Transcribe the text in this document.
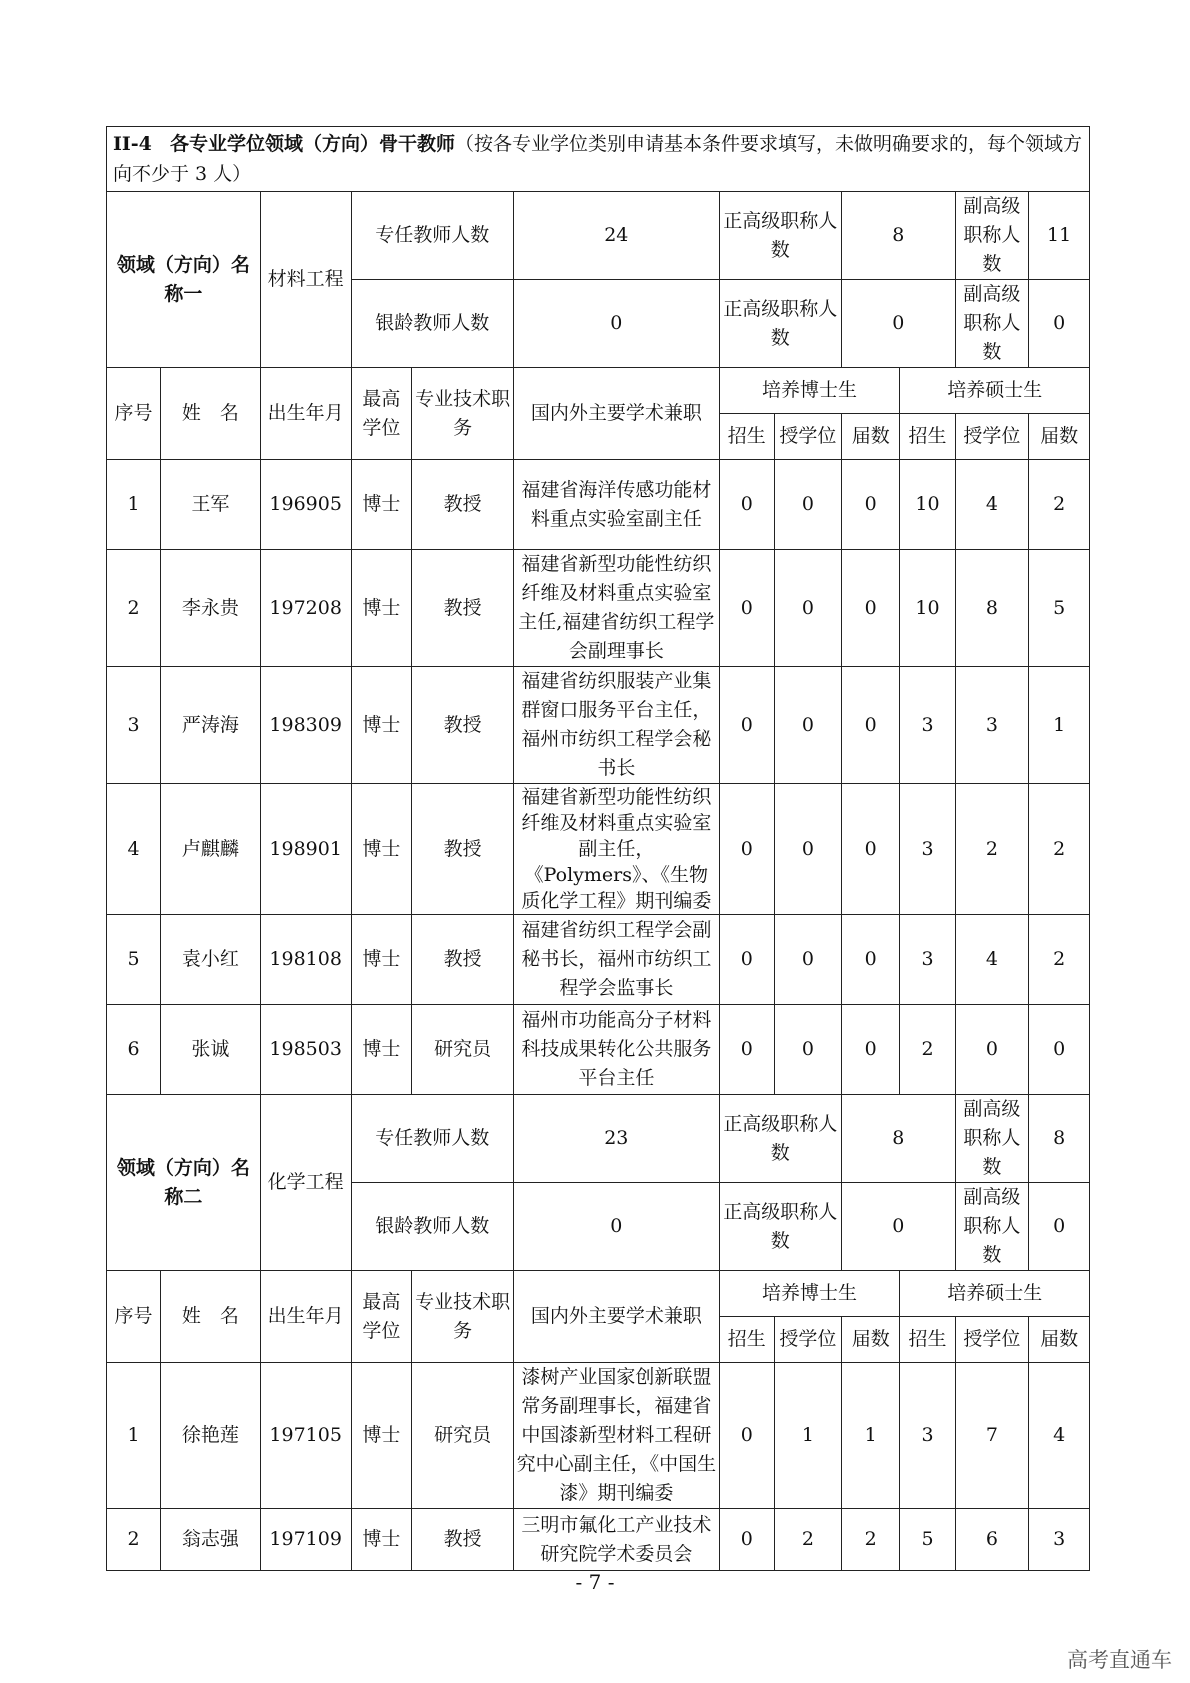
II-4 各专业学位领域（方向）骨干教师（按各专业学位类别申请基本条件要求填写，未做明确要求的，每个领域方向不少于 3 人）											
领域（方向）名称一		材料工程	专任教师人数		24	正高级职称人数		8		副高级职称人数	11
			银龄教师人数		0	正高级职称人数		0		副高级职称人数	0
序号	姓　名	出生年月	最高学位	专业技术职　务	国内外主要学术兼职	培养博士生			培养硕士生		
						招生	授学位	届数	招生	授学位	届数
1	王军	196905	博士	教授	福建省海洋传感功能材料重点实验室副主任	0	0	0	10	4	2
2	李永贵	197208	博士	教授	福建省新型功能性纺织纤维及材料重点实验室主任,福建省纺织工程学会副理事长	0	0	0	10	8	5
3	严涛海	198309	博士	教授	福建省纺织服装产业集群窗口服务平台主任，福州市纺织工程学会秘书长	0	0	0	3	3	1
4	卢麒麟	198901	博士	教授	福建省新型功能性纺织纤维及材料重点实验室副主任，《Polymers》、《生物质化学工程》期刊编委	0	0	0	3	2	2
5	袁小红	198108	博士	教授	福建省纺织工程学会副秘书长，福州市纺织工程学会监事长	0	0	0	3	4	2
6	张诚	198503	博士	研究员	福州市功能高分子材料科技成果转化公共服务平台主任	0	0	0	2	0	0
领域（方向）名称二		化学工程	专任教师人数		23	正高级职称人数		8		副高级职称人数	8
			银龄教师人数		0	正高级职称人数		0		副高级职称人数	0
序号	姓　名	出生年月	最高学位	专业技术职　务	国内外主要学术兼职	培养博士生			培养硕士生		
						招生	授学位	届数	招生	授学位	届数
1	徐艳莲	197105	博士	研究员	漆树产业国家创新联盟常务副理事长，福建省中国漆新型材料工程研究中心副主任，《中国生漆》期刊编委	0	1	1	3	7	4
2	翁志强	197109	博士	教授	三明市氟化工产业技术研究院学术委员会	0	2	2	5	6	3
- 7 -
高考直通车
